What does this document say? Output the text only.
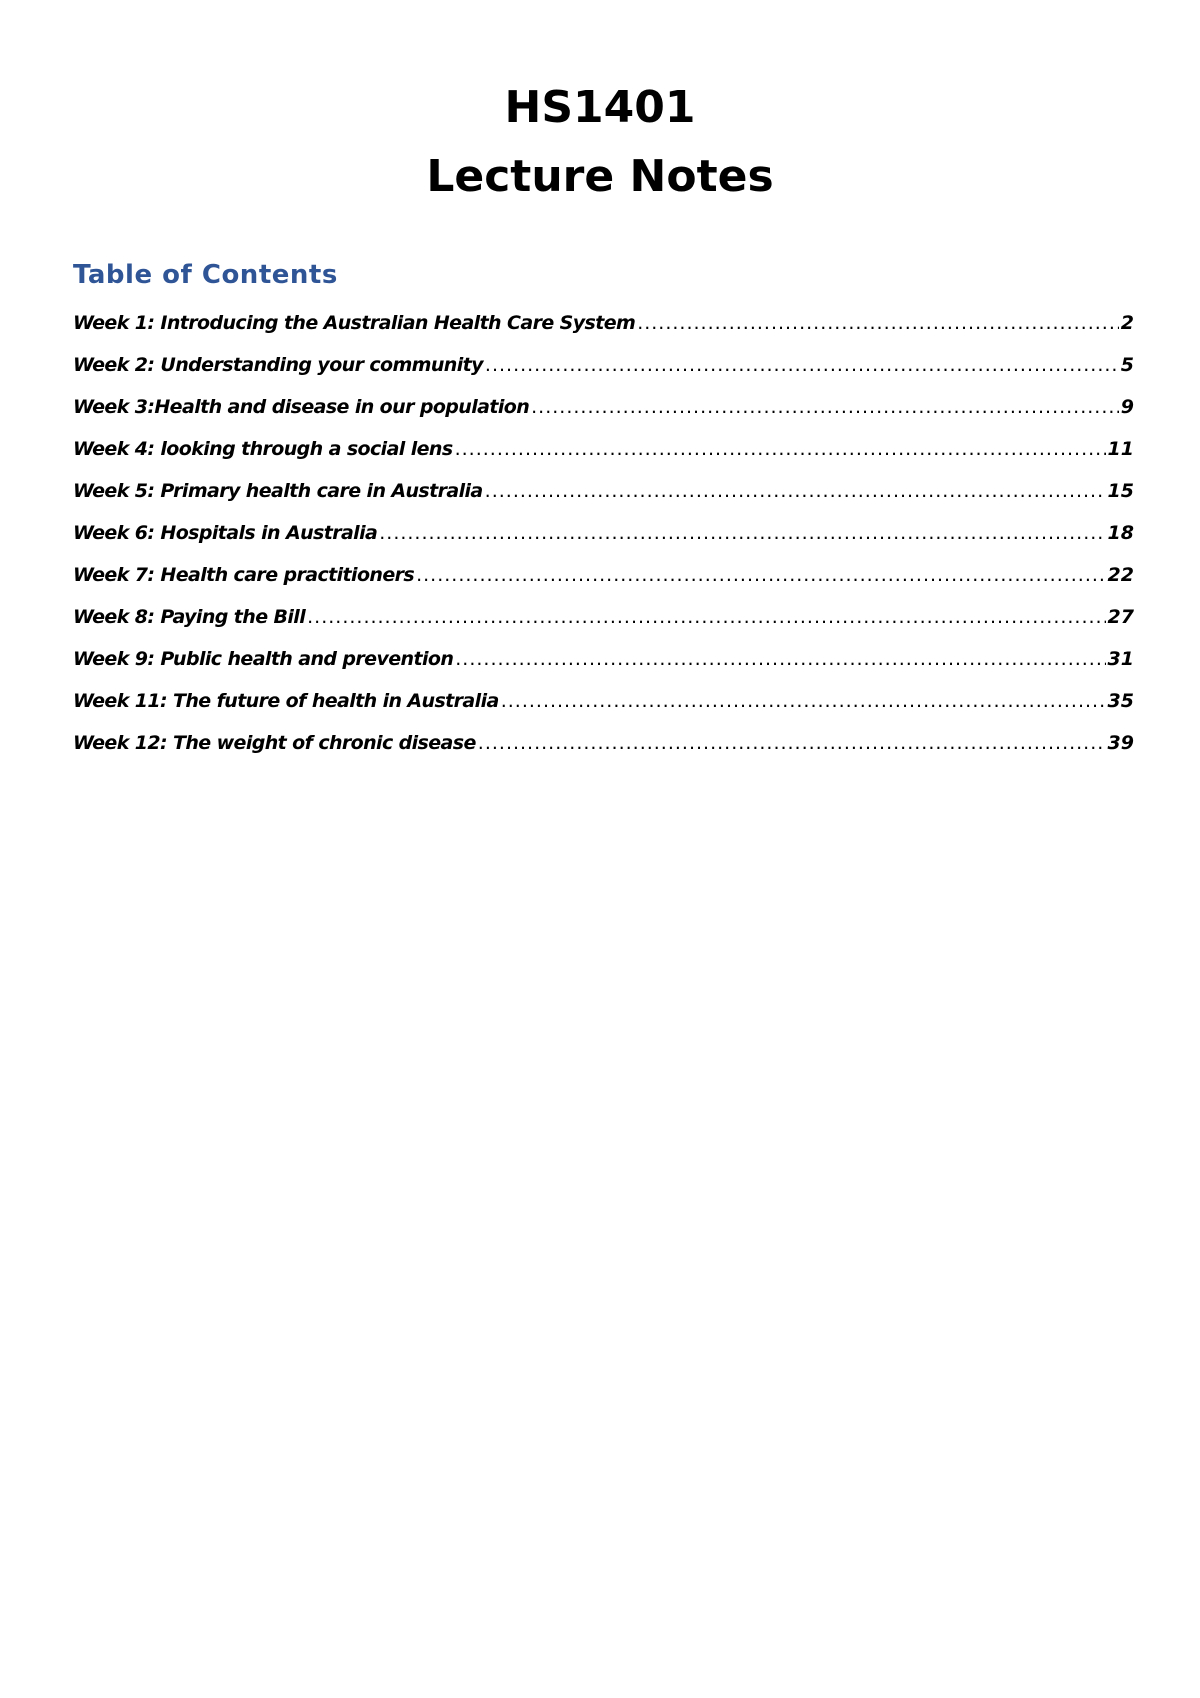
HS1401
Lecture Notes
Table of Contents
Week 1: Introducing the Australian Health Care System .....	2
Week 2: Understanding your community .....	5
Week 3:Health and disease in our population .....	9
Week 4: looking through a social lens .....	11
Week 5: Primary health care in Australia .....	15
Week 6: Hospitals in Australia .....	18
Week 7: Health care practitioners .....	22
Week 8: Paying the Bill .....	27
Week 9: Public health and prevention .....	31
Week 11: The future of health in Australia .....	35
Week 12: The weight of chronic disease .....	39
